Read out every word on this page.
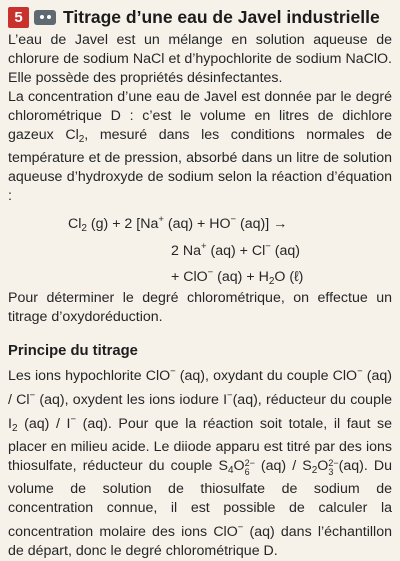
5	Titrage d’une eau de Javel industrielle

L’eau de Javel est un mélange en solution aqueuse de chlorure de sodium NaCl et d’hypochlorite de sodium NaClO. Elle possède des propriétés désinfectantes.

La concentration d’une eau de Javel est donnée par le degré chlorométrique D : c’est le volume en litres de dichlore gazeux $Cl_2$, mesuré dans les conditions normales de température et de pression, absorbé dans un litre de solution aqueuse d’hydroxyde de sodium selon la réaction d’équation :

$Cl_2$ (g) + 2 [Na+ (aq) + HO− (aq)] →
2 Na+ (aq) + Cl− (aq)
+ ClO− $(aq) + H_2O$ (ℓ)

Pour déterminer le degré chlorométrique, on effectue un titrage d’oxydoréduction.

Principe du titrage

Les ions hypochlorite ClO− (aq), oxydant du couple ClO− (aq) / Cl− (aq), oxydent les ions iodure I−(aq), réducteur du couple $I_2$ (aq) / I− (aq). Pour que la réaction soit totale, il faut se placer en milieu acide. Le diiode apparu est titré par des ions thiosulfate, réducteur du couple $S_4O$ 2−
6 $(aq) / S_2O$ 2−
3 (aq). Du volume de solution de thiosulfate de sodium de concentration connue, il est possible de calculer la concentration molaire des ions ClO− (aq) dans l’échantillon de départ, donc le degré chlorométrique D.
